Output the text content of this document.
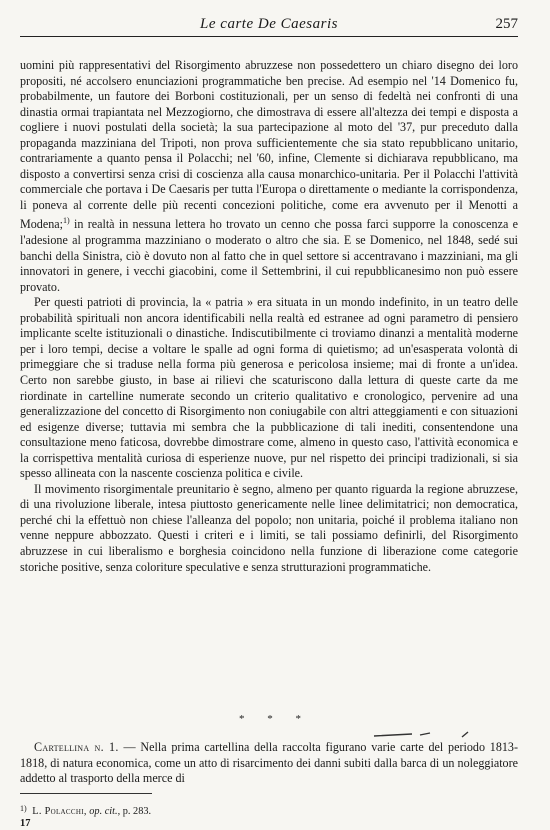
Le carte De Caesaris	257

uomini più rappresentativi del Risorgimento abruzzese non possedettero un chiaro disegno dei loro propositi, né accolsero enunciazioni programmatiche ben precise. Ad esempio nel '14 Domenico fu, probabilmente, un fautore dei Borboni costituzionali, per un senso di fedeltà nei confronti di una dinastia ormai trapiantata nel Mezzogiorno, che dimostrava di essere all'altezza dei tempi e disposta a cogliere i nuovi postulati della società; la sua partecipazione al moto del '37, pur preceduto dalla propaganda mazziniana del Tripoti, non prova sufficientemente che sia stato repubblicano unitario, contrariamente a quanto pensa il Polacchi; nel '60, infine, Clemente si dichiarava repubblicano, ma disposto a convertirsi senza crisi di coscienza alla causa monarchico-unitaria. Per il Polacchi l'attività commerciale che portava i De Caesaris per tutta l'Europa o direttamente o mediante la corrispondenza, li poneva al corrente delle più recenti concezioni politiche, come era avvenuto per il Menotti a Modena;$^{1)}$ in realtà in nessuna lettera ho trovato un cenno che possa farci supporre la conoscenza e l'adesione al programma mazziniano o moderato o altro che sia. E se Domenico, nel 1848, sedé sui banchi della Sinistra, ciò è dovuto non al fatto che in quel settore si accentravano i mazziniani, ma gli innovatori in genere, i vecchi giacobini, come il Settembrini, il cui repubblicanesimo non può essere provato.

Per questi patrioti di provincia, la « patria » era situata in un mondo indefinito, in un teatro delle probabilità spirituali non ancora identificabili nella realtà ed estranee ad ogni parametro di pensiero implicante scelte istituzionali o dinastiche. Indiscutibilmente ci troviamo dinanzi a mentalità moderne per i loro tempi, decise a voltare le spalle ad ogni forma di quietismo; ad un'esasperata volontà di primeggiare che si traduse nella forma più generosa e pericolosa insieme; mai di fronte a un'idea. Certo non sarebbe giusto, in base ai rilievi che scaturiscono dalla lettura di queste carte da me riordinate in cartelline numerate secondo un criterio qualitativo e cronologico, pervenire ad una generalizzazione del concetto di Risorgimento non coniugabile con altri atteggiamenti e con situazioni ed esigenze diverse; tuttavia mi sembra che la pubblicazione di tali inediti, consentendone una consultazione meno faticosa, dovrebbe dimostrare come, almeno in questo caso, l'attività economica e la corrispettiva mentalità curiosa di esperienze nuove, pur nel rispetto dei principi tradizionali, si sia spesso allineata con la nascente coscienza politica e civile.

Il movimento risorgimentale preunitario è segno, almeno per quanto riguarda la regione abruzzese, di una rivoluzione liberale, intesa piuttosto genericamente nelle linee delimitatrici; non democratica, perché chi la effettuò non chiese l'alleanza del popolo; non unitaria, poiché il problema italiano non venne neppure abbozzato. Questi i criteri e i limiti, se tali possiamo definirli, del Risorgimento abruzzese in cui liberalismo e borghesia coincidono nella funzione di liberazione come categorie storiche positive, senza coloriture speculative e senza strutturazioni programmatiche.

* * *

Cartellina n. 1. — Nella prima cartellina della raccolta figurano varie carte del periodo 1813-1818, di natura economica, come un atto di risarcimento dei danni subiti dalla barca di un noleggiatore addetto al trasporto della merce di

$^{1)}$ L. Polacchi, op. cit., p. 283.
17
